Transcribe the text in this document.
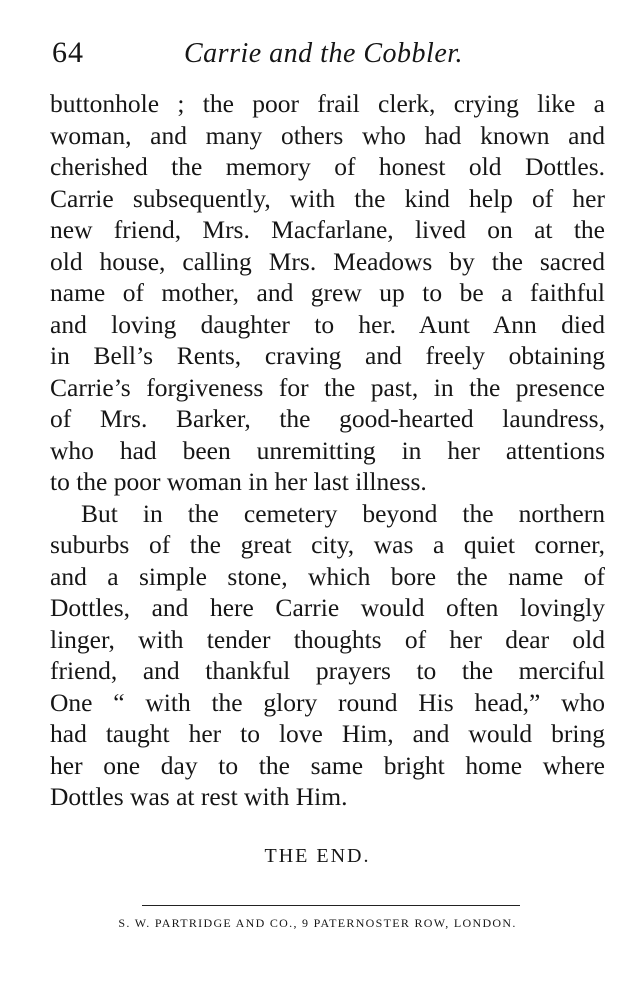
64	Carrie and the Cobbler.
buttonhole ; the poor frail clerk, crying like a
woman, and many others who had known and
cherished the memory of honest old Dottles.
Carrie subsequently, with the kind help of her
new friend, Mrs. Macfarlane, lived on at the
old house, calling Mrs. Meadows by the sacred
name of mother, and grew up to be a faithful
and loving daughter to her. Aunt Ann died
in Bell’s Rents, craving and freely obtaining
Carrie’s forgiveness for the past, in the presence
of Mrs. Barker, the good-hearted laundress,
who had been unremitting in her attentions
to the poor woman in her last illness.
But in the cemetery beyond the northern
suburbs of the great city, was a quiet corner,
and a simple stone, which bore the name of
Dottles, and here Carrie would often lovingly
linger, with tender thoughts of her dear old
friend, and thankful prayers to the merciful
One “ with the glory round His head,” who
had taught her to love Him, and would bring
her one day to the same bright home where
Dottles was at rest with Him.
THE END.
S. W. PARTRIDGE AND CO., 9 PATERNOSTER ROW, LONDON.
